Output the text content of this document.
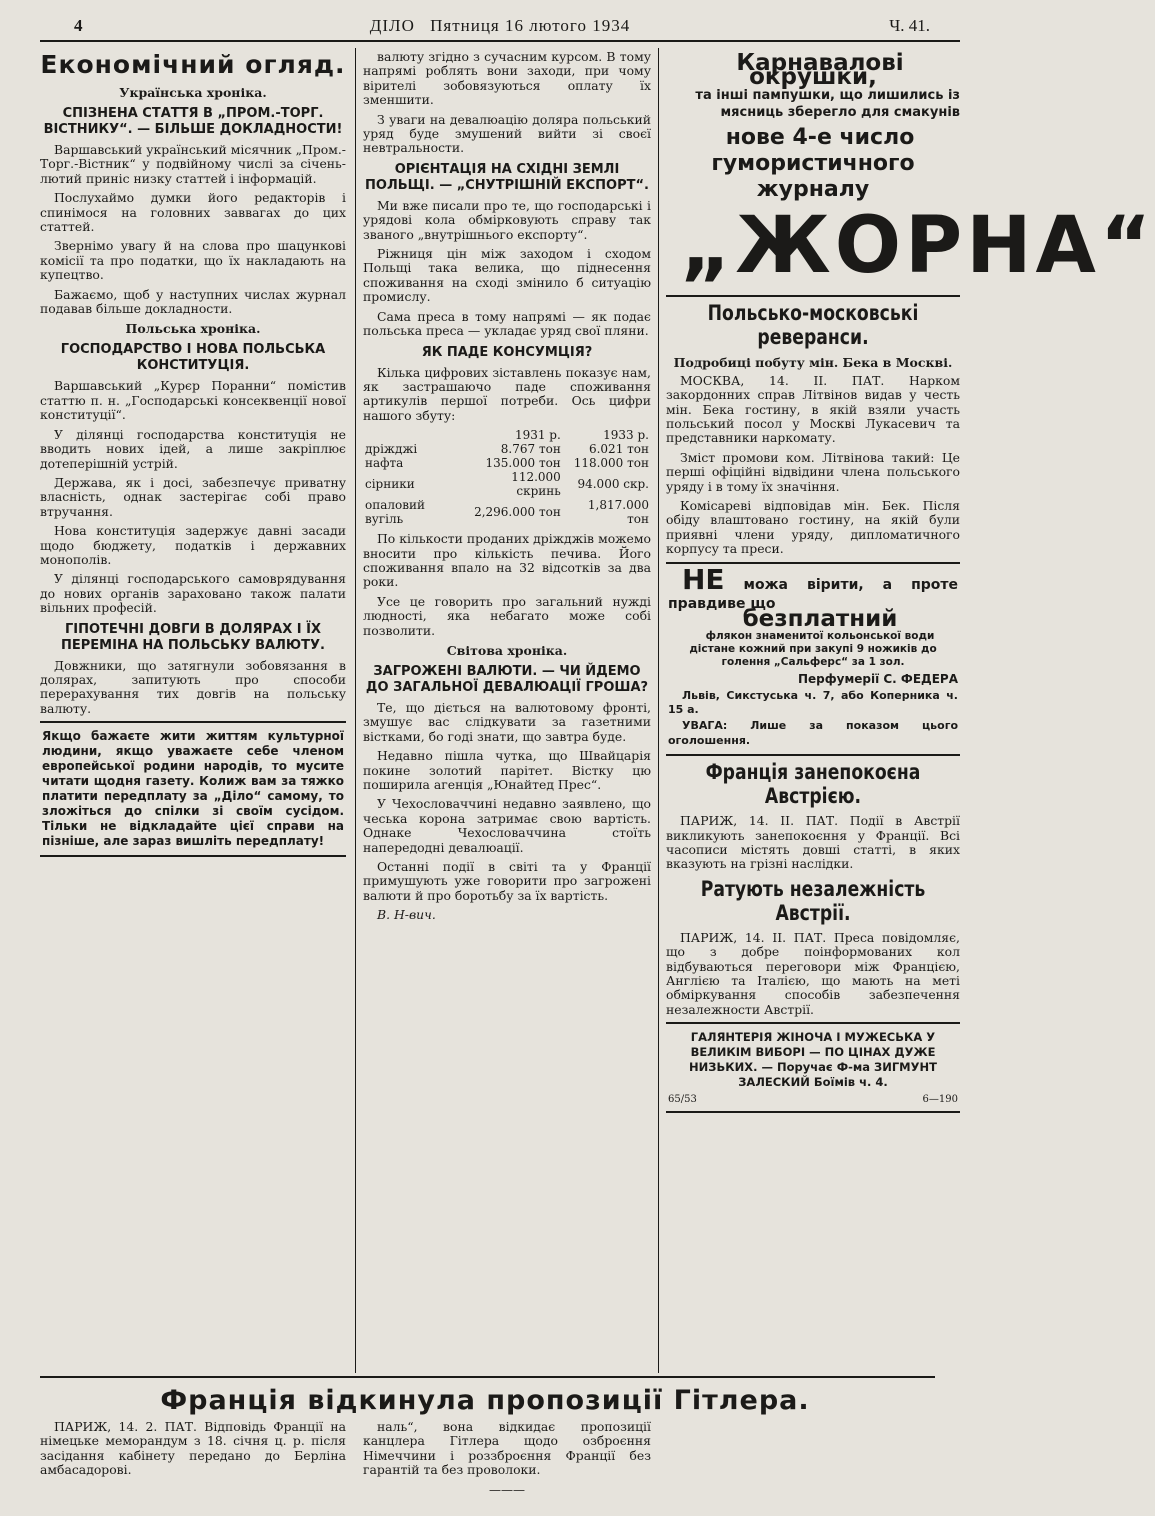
4	ДІЛО Пятниця 16 лютого 1934	Ч. 41.
Економічний огляд.
Українська хроніка.
СПІЗНЕНА СТАТТЯ В „ПРОМ.-ТОРГ. ВІСТНИКУ“. — БІЛЬШЕ ДОКЛАДНОСТИ!

Варшавський український місячник „Пром.-Торг.-Вістник“ у подвійному числі за січень-лютий приніс низку статтей і інформацій.

Послухаймо думки його редакторів і спинімося на головних заввагах до цих статтей.

Звернімо увагу й на слова про шацункові комісії та про податки, що їх накладають на купецтво.

Бажаємо, щоб у наступних числах журнал подавав більше докладности.

Польська хроніка.
ГОСПОДАРСТВО І НОВА ПОЛЬСЬКА КОНСТИТУЦІЯ.

Варшавський „Курєр Поранни“ помістив статтю п. н. „Господарські консеквенції нової конституції“.

У ділянці господарства конституція не вводить нових ідей, а лише закріплює дотеперішній устрій.

Держава, як і досі, забезпечує приватну власність, однак застерігає собі право втручання.

Нова конституція задержує давні засади щодо бюджету, податків і державних монополів.

У ділянці господарського самоврядування до нових органів зараховано також палати вільних професій.

ГІПОТЕЧНІ ДОВГИ В ДОЛЯРАХ І ЇХ ПЕРЕМІНА НА ПОЛЬСЬКУ ВАЛЮТУ.

Довжники, що затягнули зобовязання в долярах, запитують про способи перерахування тих довгів на польську валюту.

Якщо бажаєте жити життям культурної людини, якщо уважаєте себе членом европейської родини народів, то мусите читати щодня газету. Колиж вам за тяжко платити передплату за „Діло“ самому, то зложіться до спілки зі своїм сусідом. Тільки не відкладайте цієї справи на пізніше, але зараз вишліть передплату!

валюту згідно з сучасним курсом. В тому напрямі роблять вони заходи, при чому вірителі зобовязуються оплату їх зменшити.

З уваги на девалюацію доляра польський уряд буде змушений вийти зі своєї невтральности.

ОРІЄНТАЦІЯ НА СХІДНІ ЗЕМЛІ ПОЛЬЩІ. — „СНУТРІШНІЙ ЕКСПОРТ“.

Ми вже писали про те, що господарські і урядові кола обмірковують справу так званого „внутрішнього експорту“.

Ріжниця цін між заходом і сходом Польщі така велика, що піднесення споживання на сході змінило б ситуацію промислу.

Сама преса в тому напрямі — як подає польська преса — укладає уряд свої пляни.

ЯК ПАДЕ КОНСУМЦІЯ?

Кілька цифрових зіставлень показує нам, як застрашаючо паде споживання артикулів першої потреби. Ось цифри нашого збуту:

	1931 р.	1933 р.
дріжджі	8.767 тон	6.021 тон
нафта	135.000 тон	118.000 тон
сірники	112.000 скринь	94.000 скр.
опаловий вугіль	2,296.000 тон	1,817.000 тон

По кількости проданих дріжджів можемо вносити про кількість печива. Його споживання впало на 32 відсотків за два роки.

Усе це говорить про загальний нужді людності, яка небагато може собі позволити.

Світова хроніка.
ЗАГРОЖЕНІ ВАЛЮТИ. — ЧИ ЙДЕМО ДО ЗАГАЛЬНОЇ ДЕВАЛЮАЦІЇ ГРОША?

Те, що діється на валютовому фронті, змушує вас слідкувати за газетними вістками, бо годі знати, що завтра буде.

Недавно пішла чутка, що Швайцарія покине золотий парітет. Вістку цю поширила агенція „Юнайтед Прес“.

У Чехословаччині недавно заявлено, що чеська корона затримає свою вартість. Однаке Чехословаччина стоїть напередодні девалюації.

Останні події в світі та у Франції примушують уже говорити про загрожені валюти й про боротьбу за їх вартість.

В. Н-вич.

Карнавалові окрушки,

та інші пампушки, що лишились із мясниць зберегло для смакунів

нове 4-е число гумористичного журналу

„ЖОРНА“

Польсько-московські реверанси.
Подробиці побуту мін. Бека в Москві.

МОСКВА, 14. II. ПАТ. Нарком закордонних справ Літвінов видав у честь мін. Бека гостину, в якій взяли участь польський посол у Москві Лукасевич та представники наркомату.

Зміст промови ком. Літвінова такий: Це перші офіційні відвідини члена польського уряду і в тому їх значіння.

Комісареві відповідав мін. Бек. Після обіду влаштовано гостину, на якій були приявні члени уряду, дипломатичного корпусу та преси.

НЕ можа вірити, а проте правдиве що

безплатний

флякон знаменитої кольонської води дістане кожний при закупі 9 ножиків до голення „Сальферс“ за 1 зол.

Перфумерії С. ФЕДЕРА

Львів, Сикстуська ч. 7, або Коперника ч. 15 а.

УВАГА: Лише за показом цього оголошення.

Франція занепокоєна Австрією.

ПАРИЖ, 14. II. ПАТ. Події в Австрії викликують занепокоєння у Франції. Всі часописи містять довші статті, в яких вказують на грізні наслідки.

Ратують незалежність Австрії.

ПАРИЖ, 14. II. ПАТ. Преса повідомляє, що з добре поінформованих кол відбуваються переговори між Францією, Англією та Італією, що мають на меті обміркування способів забезпечення незалежности Австрії.

ГАЛЯНТЕРІЯ ЖІНОЧА І МУЖЕСЬКА У ВЕЛИКІМ ВИБОРІ — ПО ЦІНАХ ДУЖЕ НИЗЬКИХ. — Поручає Ф-ма ЗИГМУНТ ЗАЛЕСКИЙ Боїмів ч. 4.

65/53	6—190
Франція відкинула пропозиції Гітлера.

ПАРИЖ, 14. 2. ПАТ. Відповідь Франції на німецьке меморандум з 18. січня ц. р. після засідання кабінету передано до Берліна амбасадорові.

наль“, вона відкидає пропозиції канцлера Гітлера щодо озброєння Німеччини і роззброєння Франції без гарантій та без проволоки.

———
